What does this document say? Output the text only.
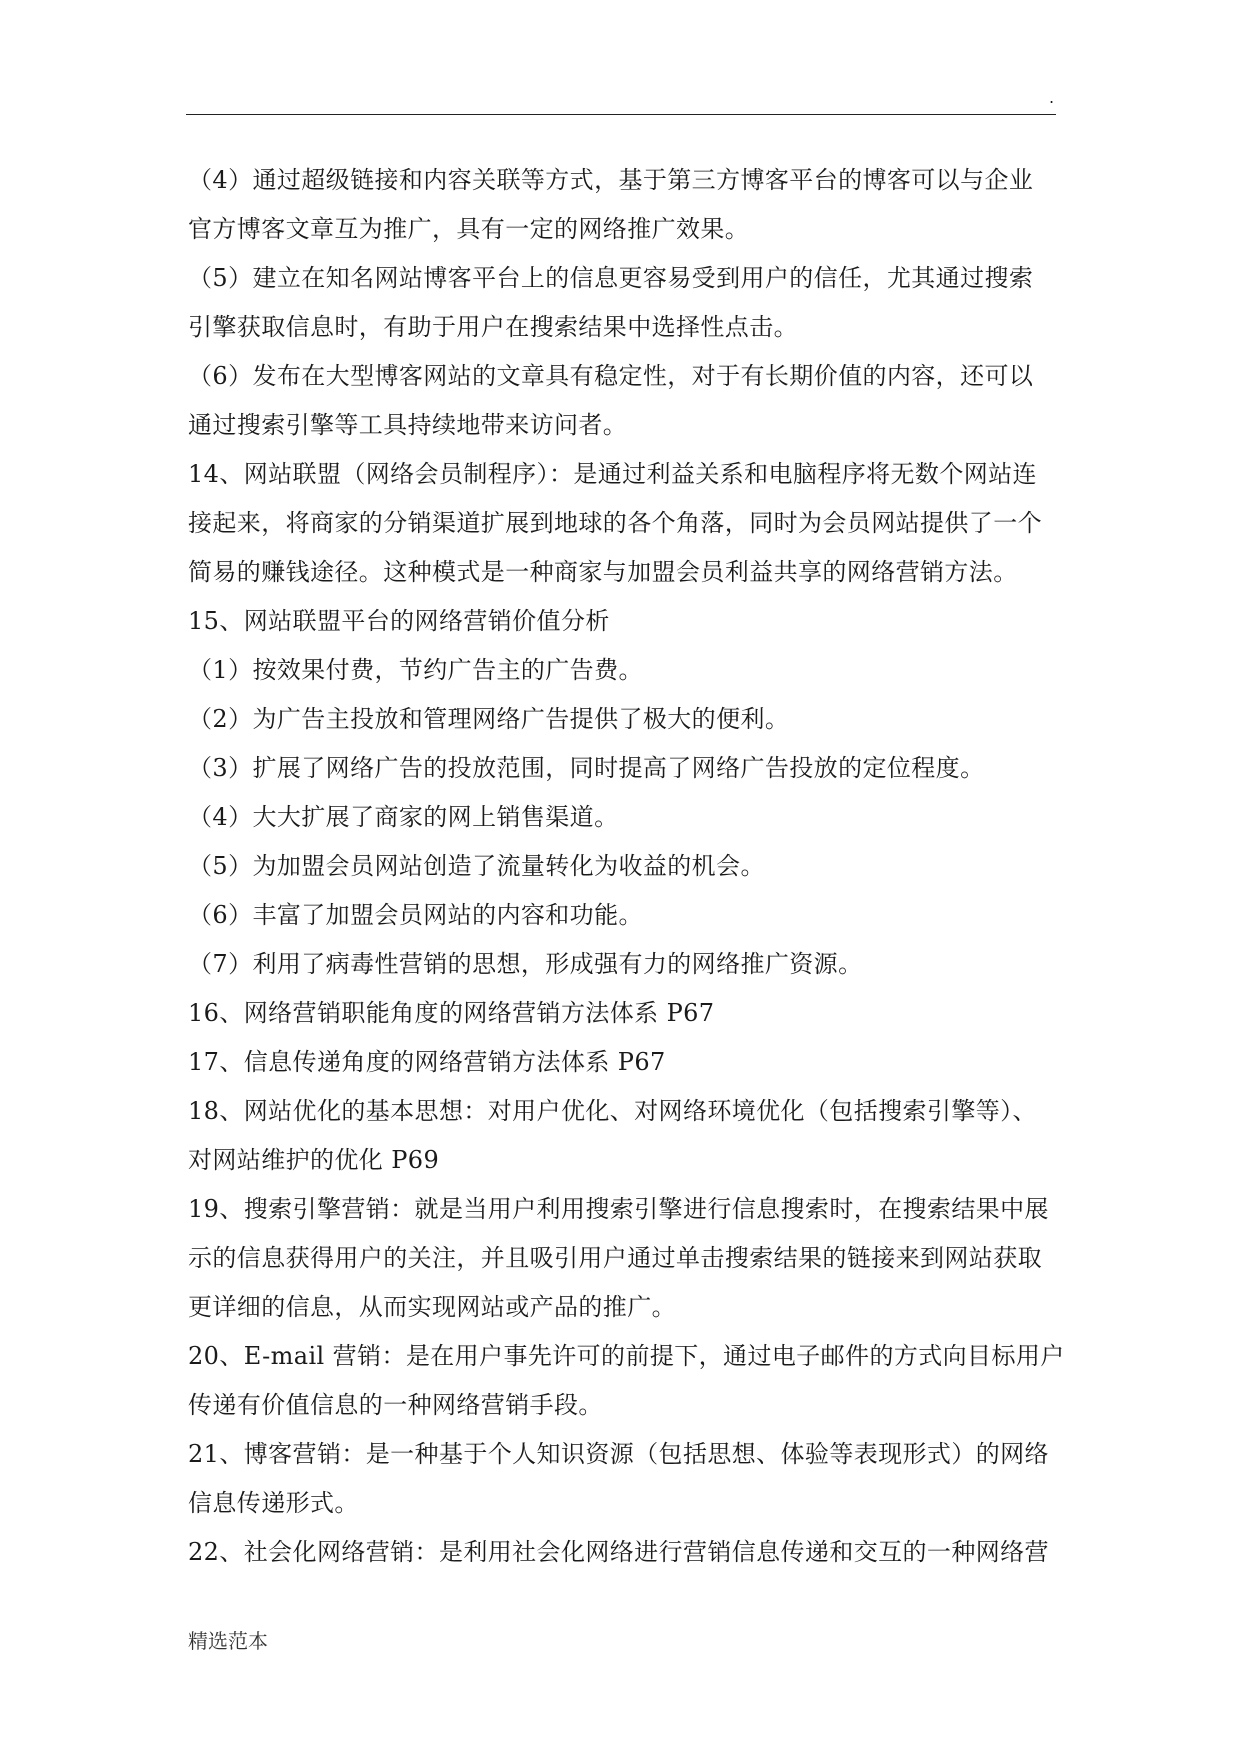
.
（4）通过超级链接和内容关联等方式，基于第三方博客平台的博客可以与企业
官方博客文章互为推广，具有一定的网络推广效果。
（5）建立在知名网站博客平台上的信息更容易受到用户的信任，尤其通过搜索
引擎获取信息时，有助于用户在搜索结果中选择性点击。
（6）发布在大型博客网站的文章具有稳定性，对于有长期价值的内容，还可以
通过搜索引擎等工具持续地带来访问者。
14、网站联盟（网络会员制程序）：是通过利益关系和电脑程序将无数个网站连
接起来，将商家的分销渠道扩展到地球的各个角落，同时为会员网站提供了一个
简易的赚钱途径。这种模式是一种商家与加盟会员利益共享的网络营销方法。
15、网站联盟平台的网络营销价值分析
（1）按效果付费，节约广告主的广告费。
（2）为广告主投放和管理网络广告提供了极大的便利。
（3）扩展了网络广告的投放范围，同时提高了网络广告投放的定位程度。
（4）大大扩展了商家的网上销售渠道。
（5）为加盟会员网站创造了流量转化为收益的机会。
（6）丰富了加盟会员网站的内容和功能。
（7）利用了病毒性营销的思想，形成强有力的网络推广资源。
16、网络营销职能角度的网络营销方法体系 P67
17、信息传递角度的网络营销方法体系 P67
18、网站优化的基本思想：对用户优化、对网络环境优化（包括搜索引擎等）、
对网站维护的优化 P69
19、搜索引擎营销：就是当用户利用搜索引擎进行信息搜索时，在搜索结果中展
示的信息获得用户的关注，并且吸引用户通过单击搜索结果的链接来到网站获取
更详细的信息，从而实现网站或产品的推广。
20、E-mail 营销：是在用户事先许可的前提下，通过电子邮件的方式向目标用户
传递有价值信息的一种网络营销手段。
21、博客营销：是一种基于个人知识资源（包括思想、体验等表现形式）的网络
信息传递形式。
22、社会化网络营销：是利用社会化网络进行营销信息传递和交互的一种网络营
精选范本
